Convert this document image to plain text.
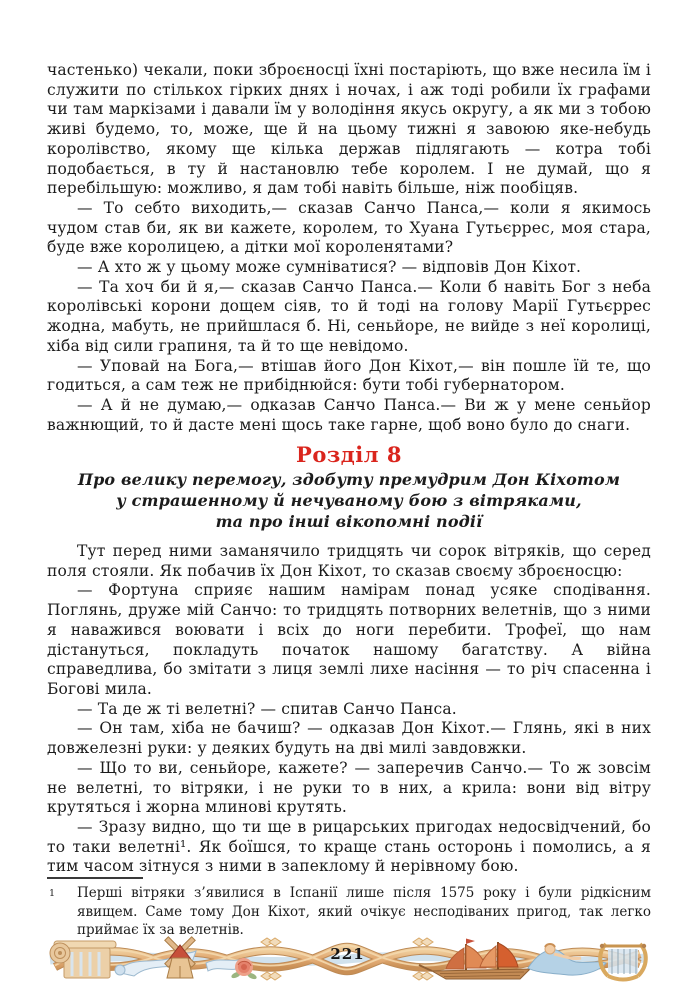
частенько) чекали, поки зброєносці їхні постаріють, що вже несила їм і служити по стількох гірких днях і ночах, і аж тоді робили їх графами чи там маркізами і давали їм у володіння якусь округу, а як ми з тобою живі будемо, то, може, ще й на цьому тижні я завоюю яке-небудь королівство, якому ще кілька держав підлягають — котра тобі подобається, в ту й настановлю тебе королем. І не думай, що я перебільшую: можливо, я дам тобі навіть більше, ніж пообіцяв.

— То себто виходить,— сказав Санчо Панса,— коли я якимось чудом став би, як ви кажете, королем, то Хуана Гутьєррес, моя стара, буде вже королицею, а дітки мої короленятами?

— А хто ж у цьому може сумніватися? — відповів Дон Кіхот.

— Та хоч би й я,— сказав Санчо Панса.— Коли б навіть Бог з неба королівські корони дощем сіяв, то й тоді на голову Марії Гутьєррес жодна, мабуть, не прийшлася б. Ні, сеньйоре, не вийде з неї королиці, хіба від сили грапиня, та й то ще невідомо.

— Уповай на Бога,— втішав його Дон Кіхот,— він пошле їй те, що годиться, а сам теж не прибіднюйся: бути тобі губернатором.

— А й не думаю,— одказав Санчо Панса.— Ви ж у мене сеньйор важнющий, то й дасте мені щось таке гарне, щоб воно було до снаги.

Розділ 8
Про велику перемогу, здобуту премудрим Дон Кіхотом
у страшенному й нечуваному бою з вітряками,
та про інші вікопомні події

Тут перед ними заманячило тридцять чи сорок вітряків, що серед поля стояли. Як побачив їх Дон Кіхот, то сказав своєму зброєносцю:

— Фортуна сприяє нашим намірам понад усяке сподівання. Поглянь, друже мій Санчо: то тридцять потворних велетнів, що з ними я наважився воювати і всіх до ноги перебити. Трофеї, що нам дістануться, покладуть початок нашому багатству. А війна справедлива, бо змітати з лиця землі лихе насіння — то річ спасенна і Богові мила.

— Та де ж ті велетні? — спитав Санчо Панса.

— Он там, хіба не бачиш? — одказав Дон Кіхот.— Глянь, які в них довжелезні руки: у деяких будуть на дві милі завдовжки.

— Що то ви, сеньйоре, кажете? — заперечив Санчо.— То ж зовсім не велетні, то вітряки, і не руки то в них, а крила: вони від вітру крутяться і жорна млинові крутять.

— Зразу видно, що ти ще в рицарських пригодах недосвідчений, бо то таки велетні¹. Як боїшся, то краще стань осторонь і помолись, а я тим часом зітнуся з ними в запеклому й нерівному бою.

1	Перші вітряки з’явилися в Іспанії лише після 1575 року і були рідкісним явищем. Саме тому Дон Кіхот, який очікує несподіваних пригод, так легко приймає їх за велетнів.
221
